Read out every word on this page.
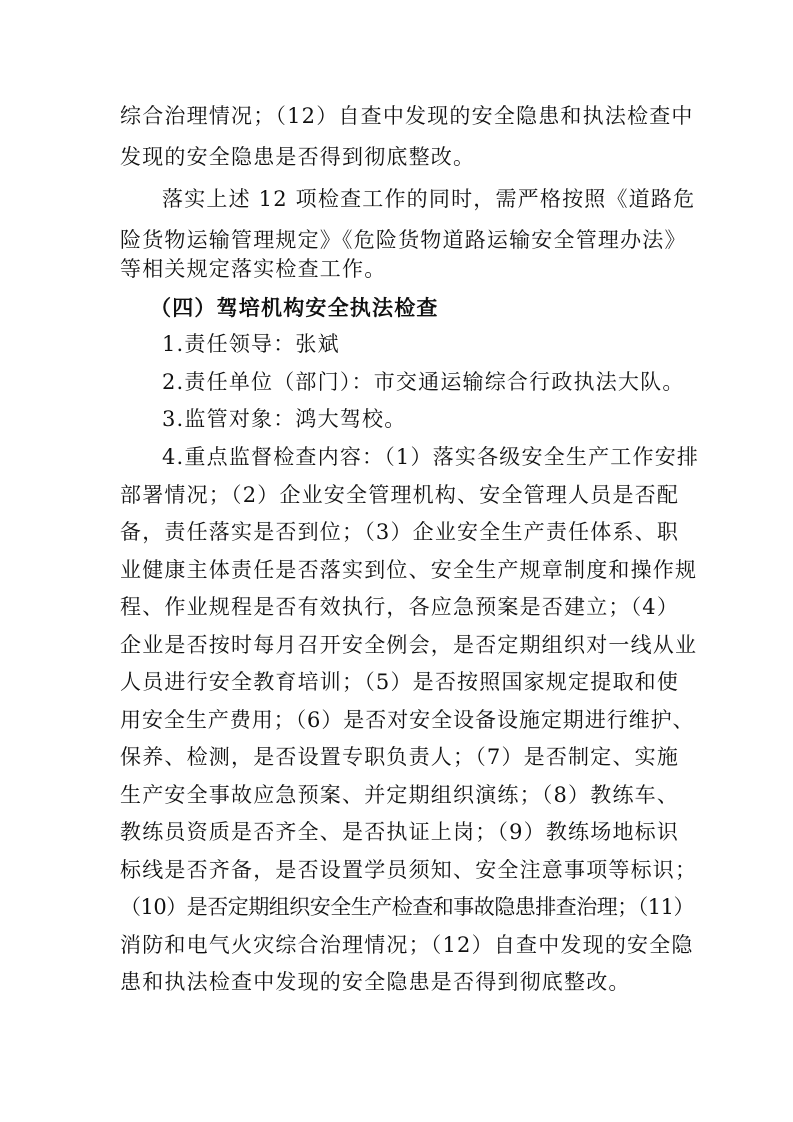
综合治理情况；（12）自查中发现的安全隐患和执法检查中
发现的安全隐患是否得到彻底整改。
落实上述 12 项检查工作的同时，需严格按照《道路危
险货物运输管理规定》《危险货物道路运输安全管理办法》
等相关规定落实检查工作。
（四）驾培机构安全执法检查
1.责任领导：张斌
2.责任单位（部门）：市交通运输综合行政执法大队。
3.监管对象：鸿大驾校。
4.重点监督检查内容：（1）落实各级安全生产工作安排
部署情况；（2）企业安全管理机构、安全管理人员是否配
备，责任落实是否到位；（3）企业安全生产责任体系、职
业健康主体责任是否落实到位、安全生产规章制度和操作规
程、作业规程是否有效执行，各应急预案是否建立；（4）
企业是否按时每月召开安全例会，是否定期组织对一线从业
人员进行安全教育培训；（5）是否按照国家规定提取和使
用安全生产费用；（6）是否对安全设备设施定期进行维护、
保养、检测，是否设置专职负责人；（7）是否制定、实施
生产安全事故应急预案、并定期组织演练；（8）教练车、
教练员资质是否齐全、是否执证上岗；（9）教练场地标识
标线是否齐备，是否设置学员须知、安全注意事项等标识；
（10）是否定期组织安全生产检查和事故隐患排查治理；（11）
消防和电气火灾综合治理情况；（12）自查中发现的安全隐
患和执法检查中发现的安全隐患是否得到彻底整改。
